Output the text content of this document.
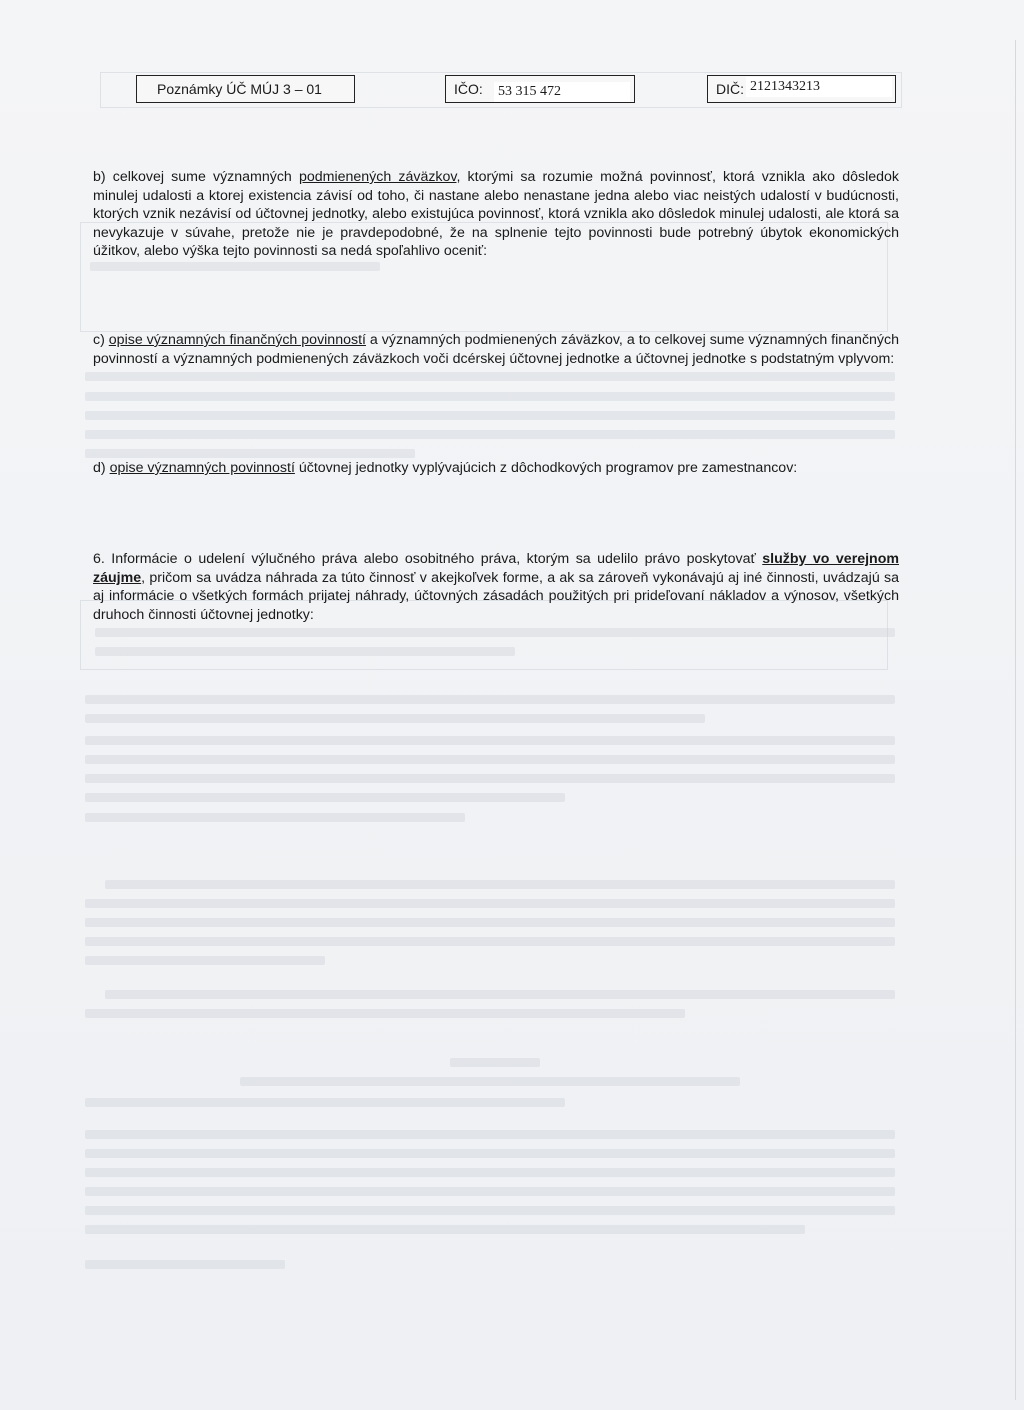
Poznámky ÚČ MÚJ 3 – 01	IČO: 53 315 472	DIČ: 2121343213

b) celkovej sume významných podmienených záväzkov, ktorými sa rozumie možná povinnosť, ktorá vznikla ako dôsledok minulej udalosti a ktorej existencia závisí od toho, či nastane alebo nenastane jedna alebo viac neistých udalostí v budúcnosti, ktorých vznik nezávisí od účtovnej jednotky, alebo existujúca povinnosť, ktorá vznikla ako dôsledok minulej udalosti, ale ktorá sa nevykazuje v súvahe, pretože nie je pravdepodobné, že na splnenie tejto povinnosti bude potrebný úbytok ekonomických úžitkov, alebo výška tejto povinnosti sa nedá spoľahlivo oceniť:

c) opise významných finančných povinností a významných podmienených záväzkov, a to celkovej sume významných finančných povinností a významných podmienených záväzkoch voči dcérskej účtovnej jednotke a účtovnej jednotke s podstatným vplyvom:

d) opise významných povinností účtovnej jednotky vyplývajúcich z dôchodkových programov pre zamestnancov:

6. Informácie o udelení výlučného práva alebo osobitného práva, ktorým sa udelilo právo poskytovať služby vo verejnom záujme, pričom sa uvádza náhrada za túto činnosť v akejkoľvek forme, a ak sa zároveň vykonávajú aj iné činnosti, uvádzajú sa aj informácie o všetkých formách prijatej náhrady, účtovných zásadách použitých pri prideľovaní nákladov a výnosov, všetkých druhoch činnosti účtovnej jednotky:
